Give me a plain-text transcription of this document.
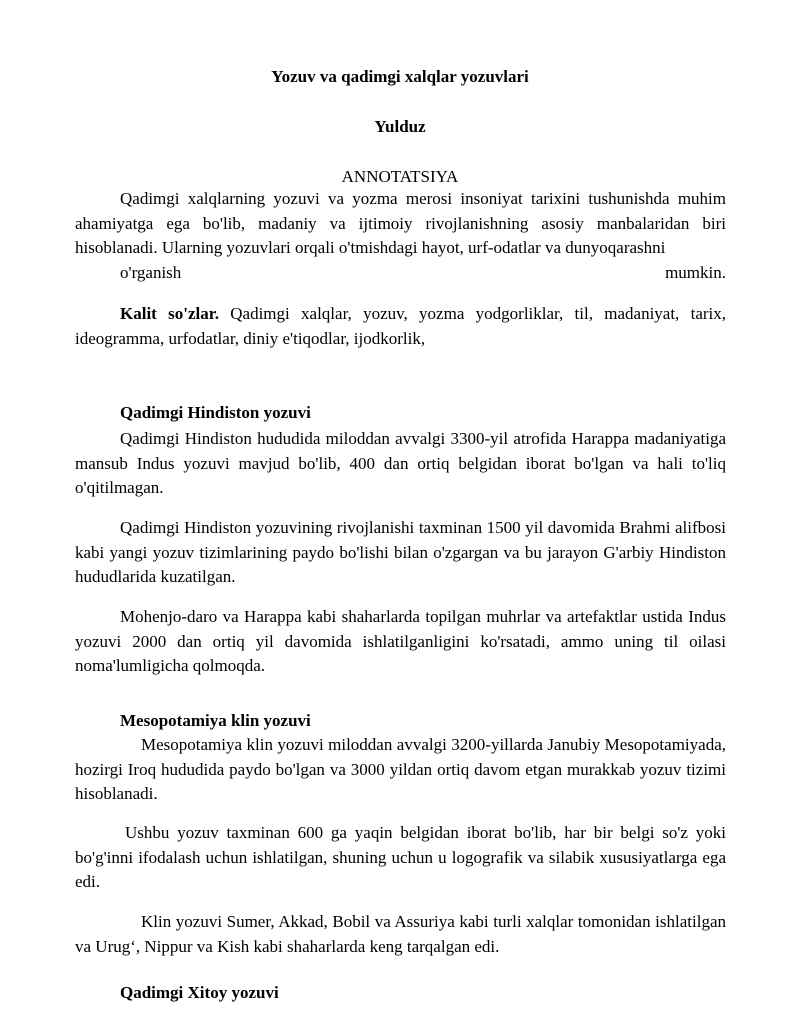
Yozuv va qadimgi xalqlar yozuvlari
Yulduz
ANNOTATSIYA
Qadimgi xalqlarning yozuvi va yozma merosi insoniyat tarixini tushunishda muhim ahamiyatga ega bo'lib, madaniy va ijtimoiy rivojlanishning asosiy manbalaridan biri hisoblanadi. Ularning yozuvlari orqali o'tmishdagi hayot, urf-odatlar va dunyoqarashni
o'rganish	mumkin.

Kalit so'zlar. Qadimgi xalqlar, yozuv, yozma yodgorliklar, til, madaniyat, tarix, ideogramma, urfodatlar, diniy e'tiqodlar, ijodkorlik,

Qadimgi Hindiston yozuvi

Qadimgi Hindiston hududida miloddan avvalgi 3300-yil atrofida Harappa madaniyatiga mansub Indus yozuvi mavjud bo'lib, 400 dan ortiq belgidan iborat bo'lgan va hali to'liq o'qitilmagan.

Qadimgi Hindiston yozuvining rivojlanishi taxminan 1500 yil davomida Brahmi alifbosi kabi yangi yozuv tizimlarining paydo bo'lishi bilan o'zgargan va bu jarayon G'arbiy Hindiston hududlarida kuzatilgan.

Mohenjo-daro va Harappa kabi shaharlarda topilgan muhrlar va artefaktlar ustida Indus yozuvi 2000 dan ortiq yil davomida ishlatilganligini ko'rsatadi, ammo uning til oilasi noma'lumligicha qolmoqda.

Mesopotamiya klin yozuvi

Mesopotamiya klin yozuvi miloddan avvalgi 3200-yillarda Janubiy Mesopotamiyada, hozirgi Iroq hududida paydo bo'lgan va 3000 yildan ortiq davom etgan murakkab yozuv tizimi hisoblanadi.

Ushbu yozuv taxminan 600 ga yaqin belgidan iborat bo'lib, har bir belgi so'z yoki bo'g'inni ifodalash uchun ishlatilgan, shuning uchun u logografik va silabik xususiyatlarga ega edi.

Klin yozuvi Sumer, Akkad, Bobil va Assuriya kabi turli xalqlar tomonidan ishlatilgan va Urug‘, Nippur va Kish kabi shaharlarda keng tarqalgan edi.

Qadimgi Xitoy yozuvi
